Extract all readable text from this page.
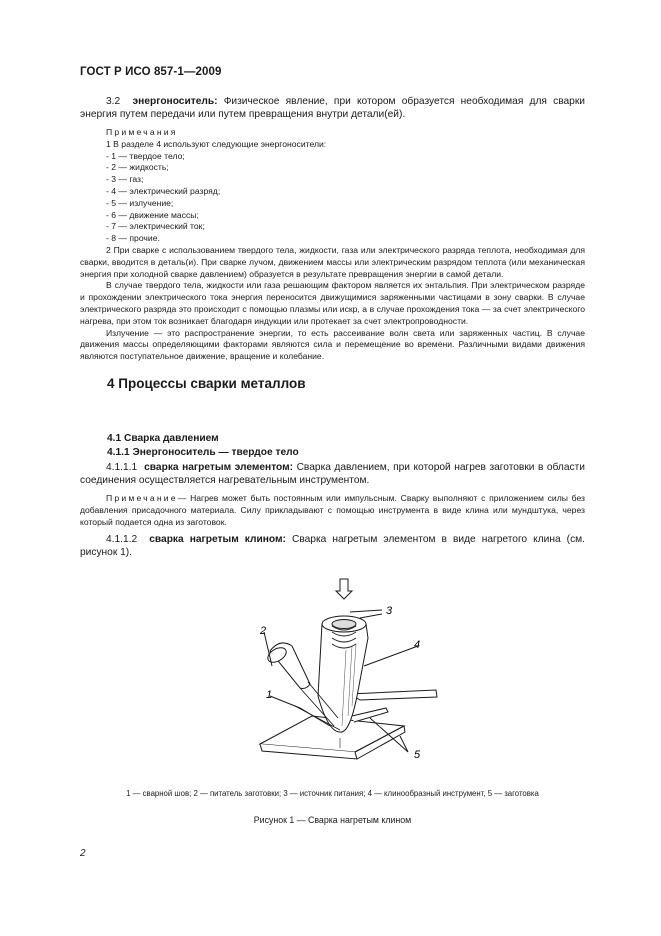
ГОСТ Р ИСО 857-1—2009

3.2 энергоноситель: Физическое явление, при котором образуется необходимая для сварки энергия путем передачи или путем превращения внутри детали(ей).

Примечания

1 В разделе 4 используют следующие энергоносители:

- 1 — твердое тело;
- 2 — жидкость;
- 3 — газ;
- 4 — электрический разряд;
- 5 — излучение;
- 6 — движение массы;
- 7 — электрический ток;
- 8 — прочие.

2 При сварке с использованием твердого тела, жидкости, газа или электрического разряда теплота, необходимая для сварки, вводится в деталь(и). При сварке лучом, движением массы или электрическим разрядом теплота (или механическая энергия при холодной сварке давлением) образуется в результате превращения энергии в самой детали.

В случае твердого тела, жидкости или газа решающим фактором является их энтальпия. При электрическом разряде и прохождении электрического тока энергия переносится движущимися заряженными частицами в зону сварки. В случае электрического разряда это происходит с помощью плазмы или искр, а в случае прохождения тока — за счет электрического нагрева, при этом ток возникает благодаря индукции или протекает за счет электропроводности.

Излучение — это распространение энергии, то есть рассеивание волн света или заряженных частиц. В случае движения массы определяющими факторами являются сила и перемещение во времени. Различными видами движения являются поступательное движение, вращение и колебание.

4 Процессы сварки металлов
4.1 Сварка давлением
4.1.1 Энергоноситель — твердое тело

4.1.1.1 сварка нагретым элементом: Сварка давлением, при которой нагрев заготовки в области соединения осуществляется нагревательным инструментом.

Примечание— Нагрев может быть постоянным или импульсным. Сварку выполняют с приложением силы без добавления присадочного материала. Силу прикладывают с помощью инструмента в виде клина или мундштука, через который подается одна из заготовок.

4.1.1.2 сварка нагретым клином: Сварка нагретым элементом в виде нагретого клина (см. рисунок 1).

1
2
3
4
5
1 — сварной шов; 2 — питатель заготовки; 3 — источник питания; 4 — клинообразный инструмент, 5 — заготовка
Рисунок 1 — Сварка нагретым клином
2
